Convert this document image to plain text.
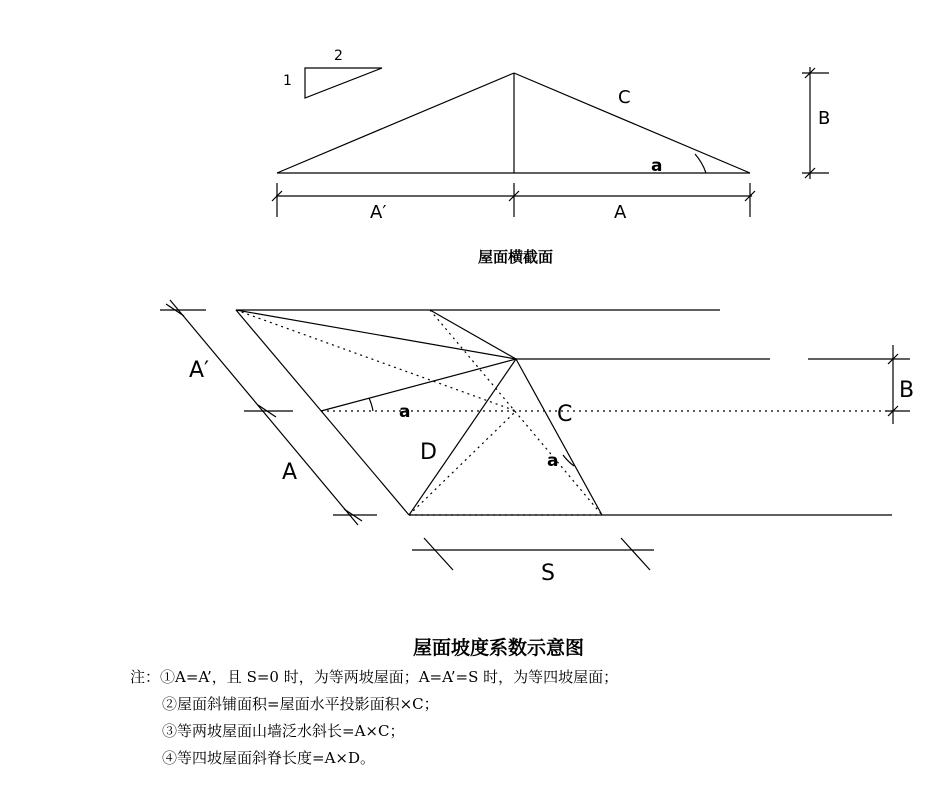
1
2
C
B
a
A′	A
屋面横截面
A′
A
B
C
D
a
a
S
屋面坡度系数示意图
注：①A=A’，且 S=0 时，为等两坡屋面；A=A’=S 时，为等四坡屋面；
②屋面斜铺面积=屋面水平投影面积×C；
③等两坡屋面山墙泛水斜长=A×C；
④等四坡屋面斜脊长度=A×D。
